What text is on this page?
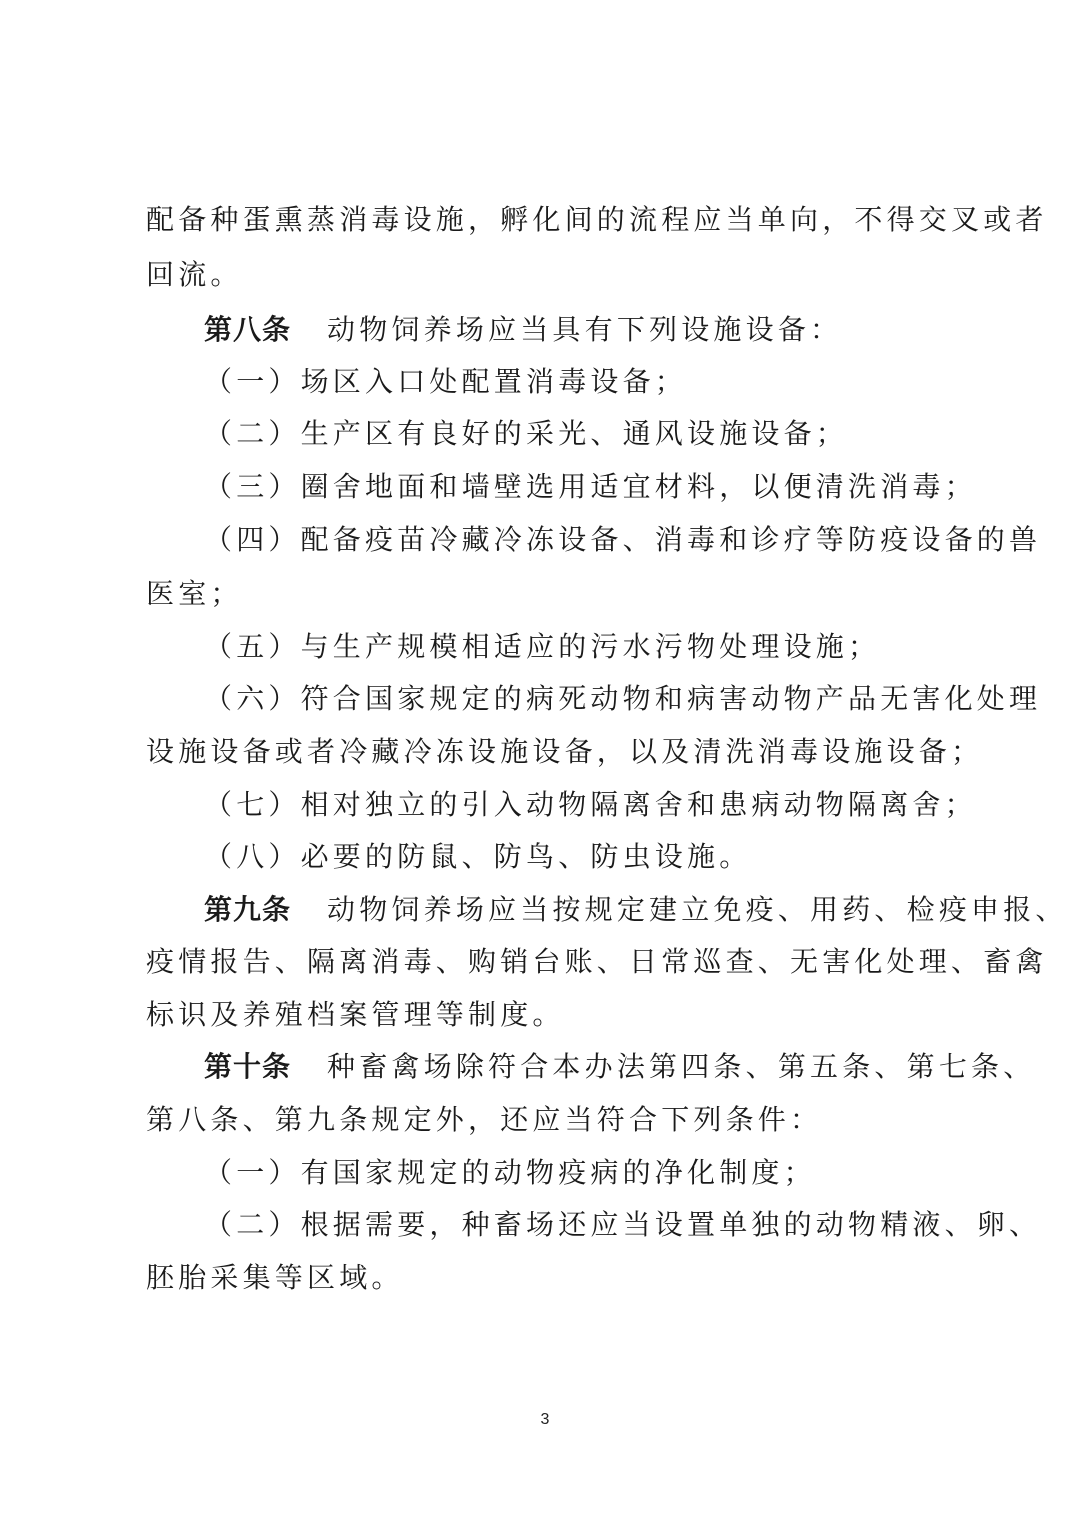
配备种蛋熏蒸消毒设施，孵化间的流程应当单向，不得交叉或者
回流。
第八条 动物饲养场应当具有下列设施设备：
（一）场区入口处配置消毒设备；
（二）生产区有良好的采光、通风设施设备；
（三）圈舍地面和墙壁选用适宜材料，以便清洗消毒；
（四）配备疫苗冷藏冷冻设备、消毒和诊疗等防疫设备的兽
医室；
（五）与生产规模相适应的污水污物处理设施；
（六）符合国家规定的病死动物和病害动物产品无害化处理
设施设备或者冷藏冷冻设施设备，以及清洗消毒设施设备；
（七）相对独立的引入动物隔离舍和患病动物隔离舍；
（八）必要的防鼠、防鸟、防虫设施。
第九条 动物饲养场应当按规定建立免疫、用药、检疫申报、
疫情报告、隔离消毒、购销台账、日常巡查、无害化处理、畜禽
标识及养殖档案管理等制度。
第十条 种畜禽场除符合本办法第四条、第五条、第七条、
第八条、第九条规定外，还应当符合下列条件：
（一）有国家规定的动物疫病的净化制度；
（二）根据需要，种畜场还应当设置单独的动物精液、卵、
胚胎采集等区域。
3
